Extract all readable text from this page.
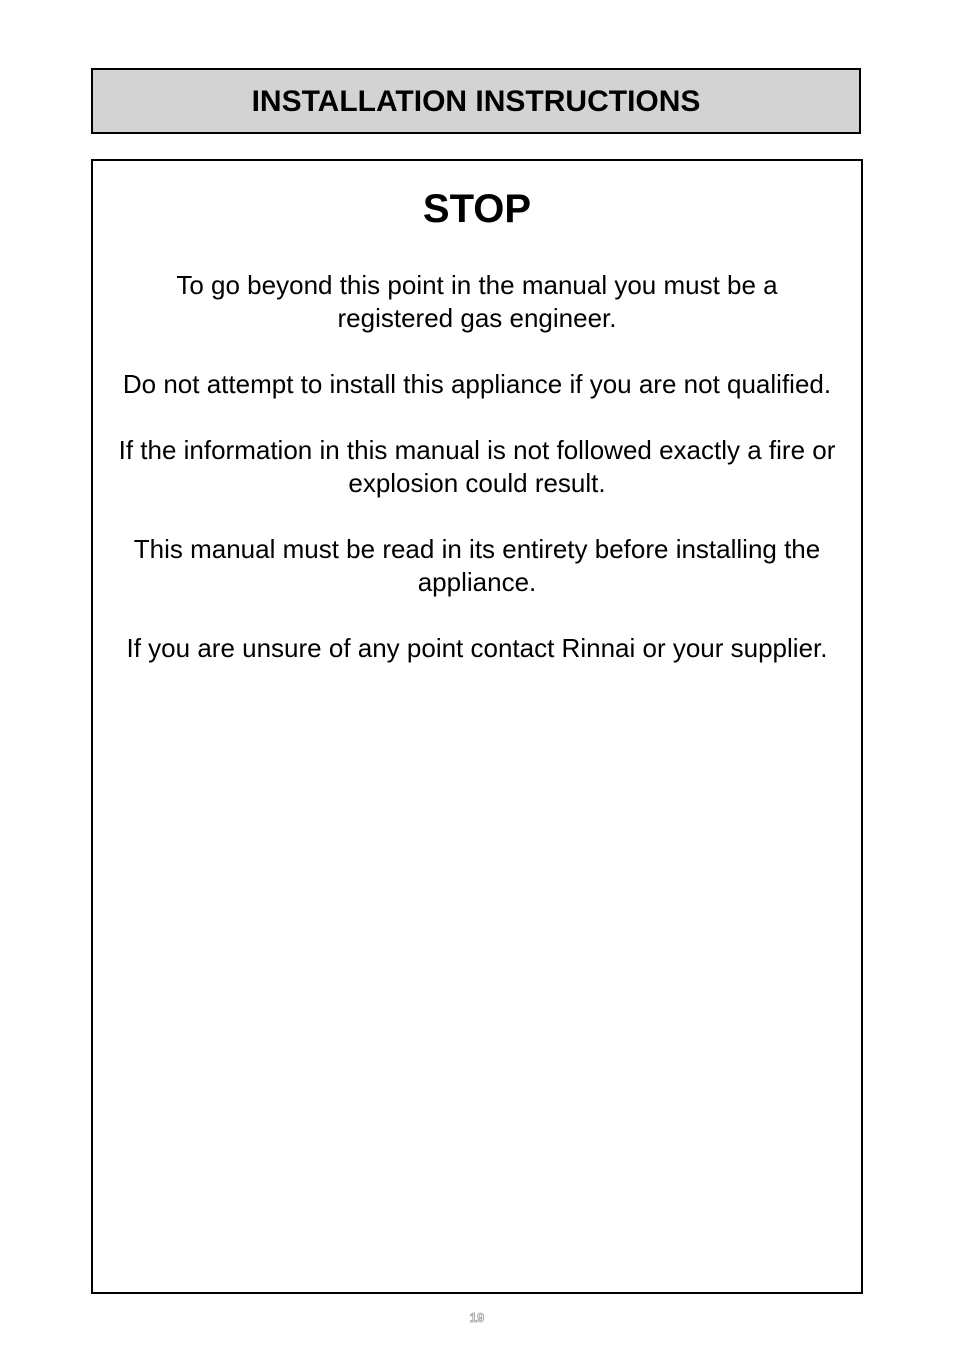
INSTALLATION INSTRUCTIONS
STOP

To go beyond this point in the manual you must be a registered gas engineer.

Do not attempt to install this appliance if you are not qualified.

If the information in this manual is not followed exactly a fire or explosion could result.

This manual must be read in its entirety before installing the appliance.

If you are unsure of any point contact Rinnai or your supplier.

19
